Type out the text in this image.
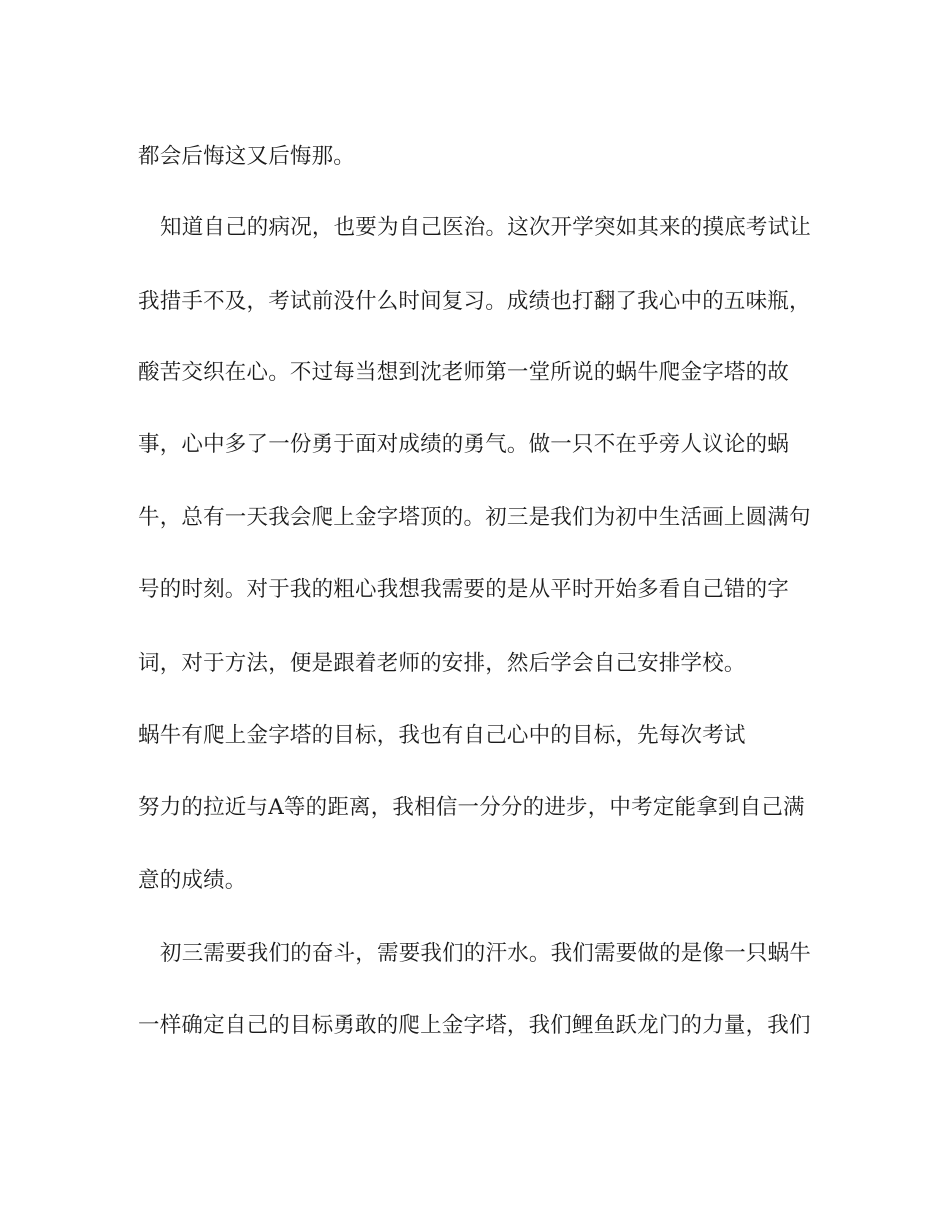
都会后悔这又后悔那。
知道自己的病况，也要为自己医治。这次开学突如其来的摸底考试让
我措手不及，考试前没什么时间复习。成绩也打翻了我心中的五味瓶，
酸苦交织在心。不过每当想到沈老师第一堂所说的蜗牛爬金字塔的故
事，心中多了一份勇于面对成绩的勇气。做一只不在乎旁人议论的蜗
牛，总有一天我会爬上金字塔顶的。初三是我们为初中生活画上圆满句
号的时刻。对于我的粗心我想我需要的是从平时开始多看自己错的字
词，对于方法，便是跟着老师的安排，然后学会自己安排学校。
蜗牛有爬上金字塔的目标，我也有自己心中的目标，先每次考试
努力的拉近与A等的距离，我相信一分分的进步，中考定能拿到自己满
意的成绩。
初三需要我们的奋斗，需要我们的汗水。我们需要做的是像一只蜗牛
一样确定自己的目标勇敢的爬上金字塔，我们鲤鱼跃龙门的力量，我们
